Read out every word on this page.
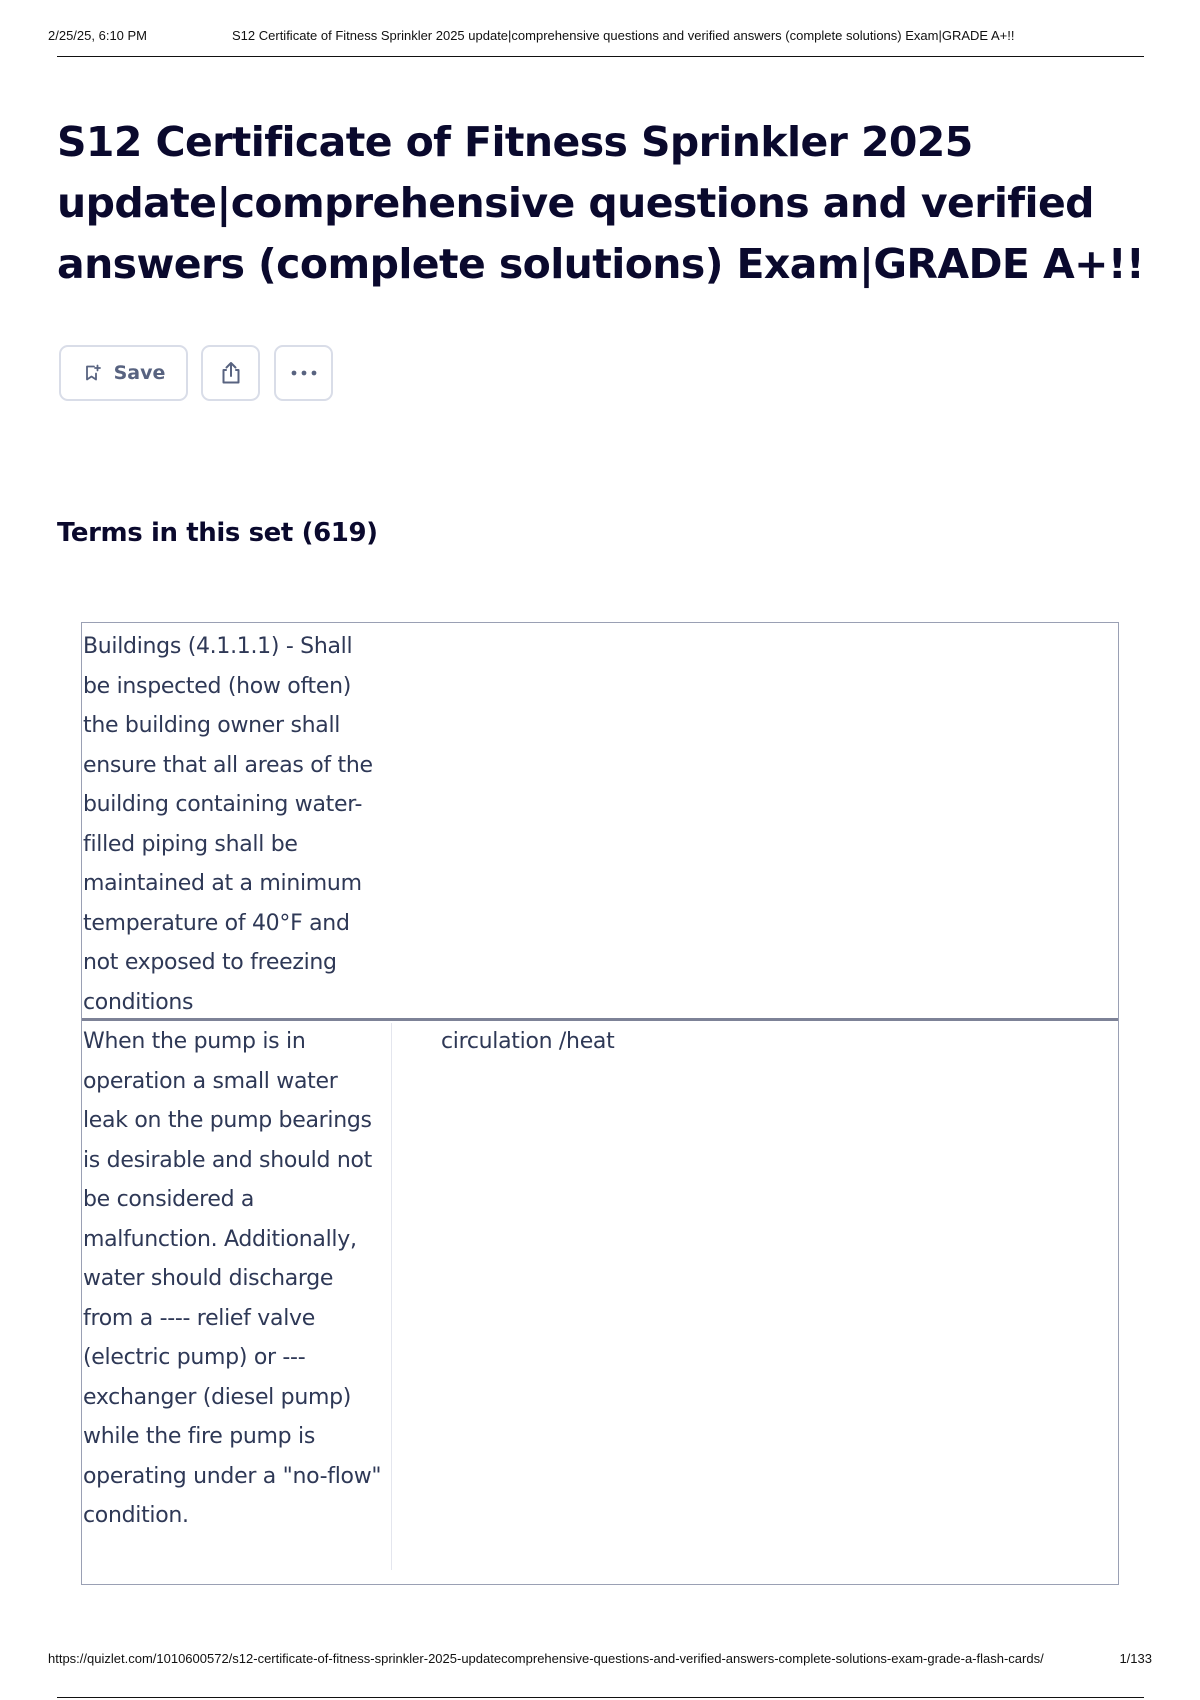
2/25/25, 6:10 PM	S12 Certificate of Fitness Sprinkler 2025 update|comprehensive questions and verified answers (complete solutions) Exam|GRADE A+!!
S12 Certificate of Fitness Sprinkler 2025 update|comprehensive questions and verified answers (complete solutions) Exam|GRADE A+!!
Save
Terms in this set (619)

Buildings (4.1.1.1) - Shall be inspected (how often) the building owner shall ensure that all areas of the building containing water-filled piping shall be maintained at a minimum temperature of 40°F and not exposed to freezing conditions

When the pump is in operation a small water leak on the pump bearings is desirable and should not be considered a malfunction. Additionally, water should discharge from a ---- relief valve (electric pump) or --- exchanger (diesel pump) while the fire pump is operating under a "no-flow" condition.

circulation /heat

https://quizlet.com/1010600572/s12-certificate-of-fitness-sprinkler-2025-updatecomprehensive-questions-and-verified-answers-complete-solutions-exam-grade-a-flash-cards/	1/133
